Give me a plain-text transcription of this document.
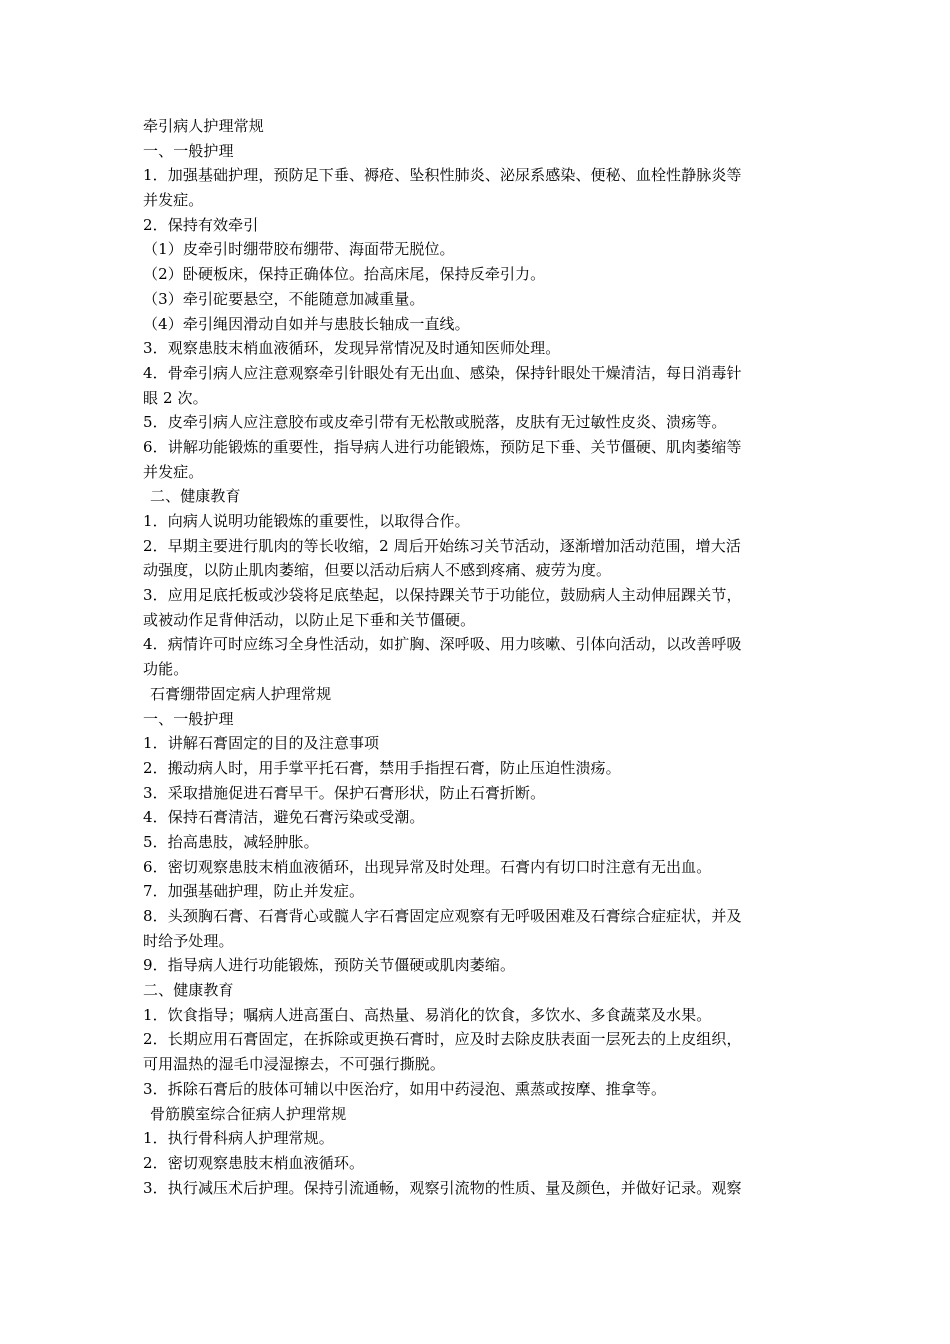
牵引病人护理常规
一、一般护理
1．加强基础护理，预防足下垂、褥疮、坠积性肺炎、泌尿系感染、便秘、血栓性静脉炎等
并发症。
2．保持有效牵引
（1）皮牵引时绷带胶布绷带、海面带无脱位。
（2）卧硬板床，保持正确体位。抬高床尾，保持反牵引力。
（3）牵引砣要悬空，不能随意加减重量。
（4）牵引绳因滑动自如并与患肢长轴成一直线。
3．观察患肢末梢血液循环，发现异常情况及时通知医师处理。
4．骨牵引病人应注意观察牵引针眼处有无出血、感染，保持针眼处干燥清洁，每日消毒针
眼 2 次。
5．皮牵引病人应注意胶布或皮牵引带有无松散或脱落，皮肤有无过敏性皮炎、溃疡等。
6．讲解功能锻炼的重要性，指导病人进行功能锻炼，预防足下垂、关节僵硬、肌肉萎缩等
并发症。
二、健康教育
1．向病人说明功能锻炼的重要性，以取得合作。
2．早期主要进行肌肉的等长收缩，2 周后开始练习关节活动，逐渐增加活动范围，增大活
动强度，以防止肌肉萎缩，但要以活动后病人不感到疼痛、疲劳为度。
3．应用足底托板或沙袋将足底垫起，以保持踝关节于功能位，鼓励病人主动伸屈踝关节，
或被动作足背伸活动，以防止足下垂和关节僵硬。
4．病情许可时应练习全身性活动，如扩胸、深呼吸、用力咳嗽、引体向活动，以改善呼吸
功能。
石膏绷带固定病人护理常规
一、一般护理
1．讲解石膏固定的目的及注意事项
2．搬动病人时，用手掌平托石膏，禁用手指捏石膏，防止压迫性溃疡。
3．采取措施促进石膏早干。保护石膏形状，防止石膏折断。
4．保持石膏清洁，避免石膏污染或受潮。
5．抬高患肢，减轻肿胀。
6．密切观察患肢末梢血液循环，出现异常及时处理。石膏内有切口时注意有无出血。
7．加强基础护理，防止并发症。
8．头颈胸石膏、石膏背心或髋人字石膏固定应观察有无呼吸困难及石膏综合症症状，并及
时给予处理。
9．指导病人进行功能锻炼，预防关节僵硬或肌肉萎缩。
二、健康教育
1．饮食指导；嘱病人进高蛋白、高热量、易消化的饮食，多饮水、多食蔬菜及水果。
2．长期应用石膏固定，在拆除或更换石膏时，应及时去除皮肤表面一层死去的上皮组织，
可用温热的湿毛巾浸湿擦去，不可强行撕脱。
3．拆除石膏后的肢体可辅以中医治疗，如用中药浸泡、熏蒸或按摩、推拿等。
骨筋膜室综合征病人护理常规
1．执行骨科病人护理常规。
2．密切观察患肢末梢血液循环。
3．执行减压术后护理。保持引流通畅，观察引流物的性质、量及颜色，并做好记录。观察
